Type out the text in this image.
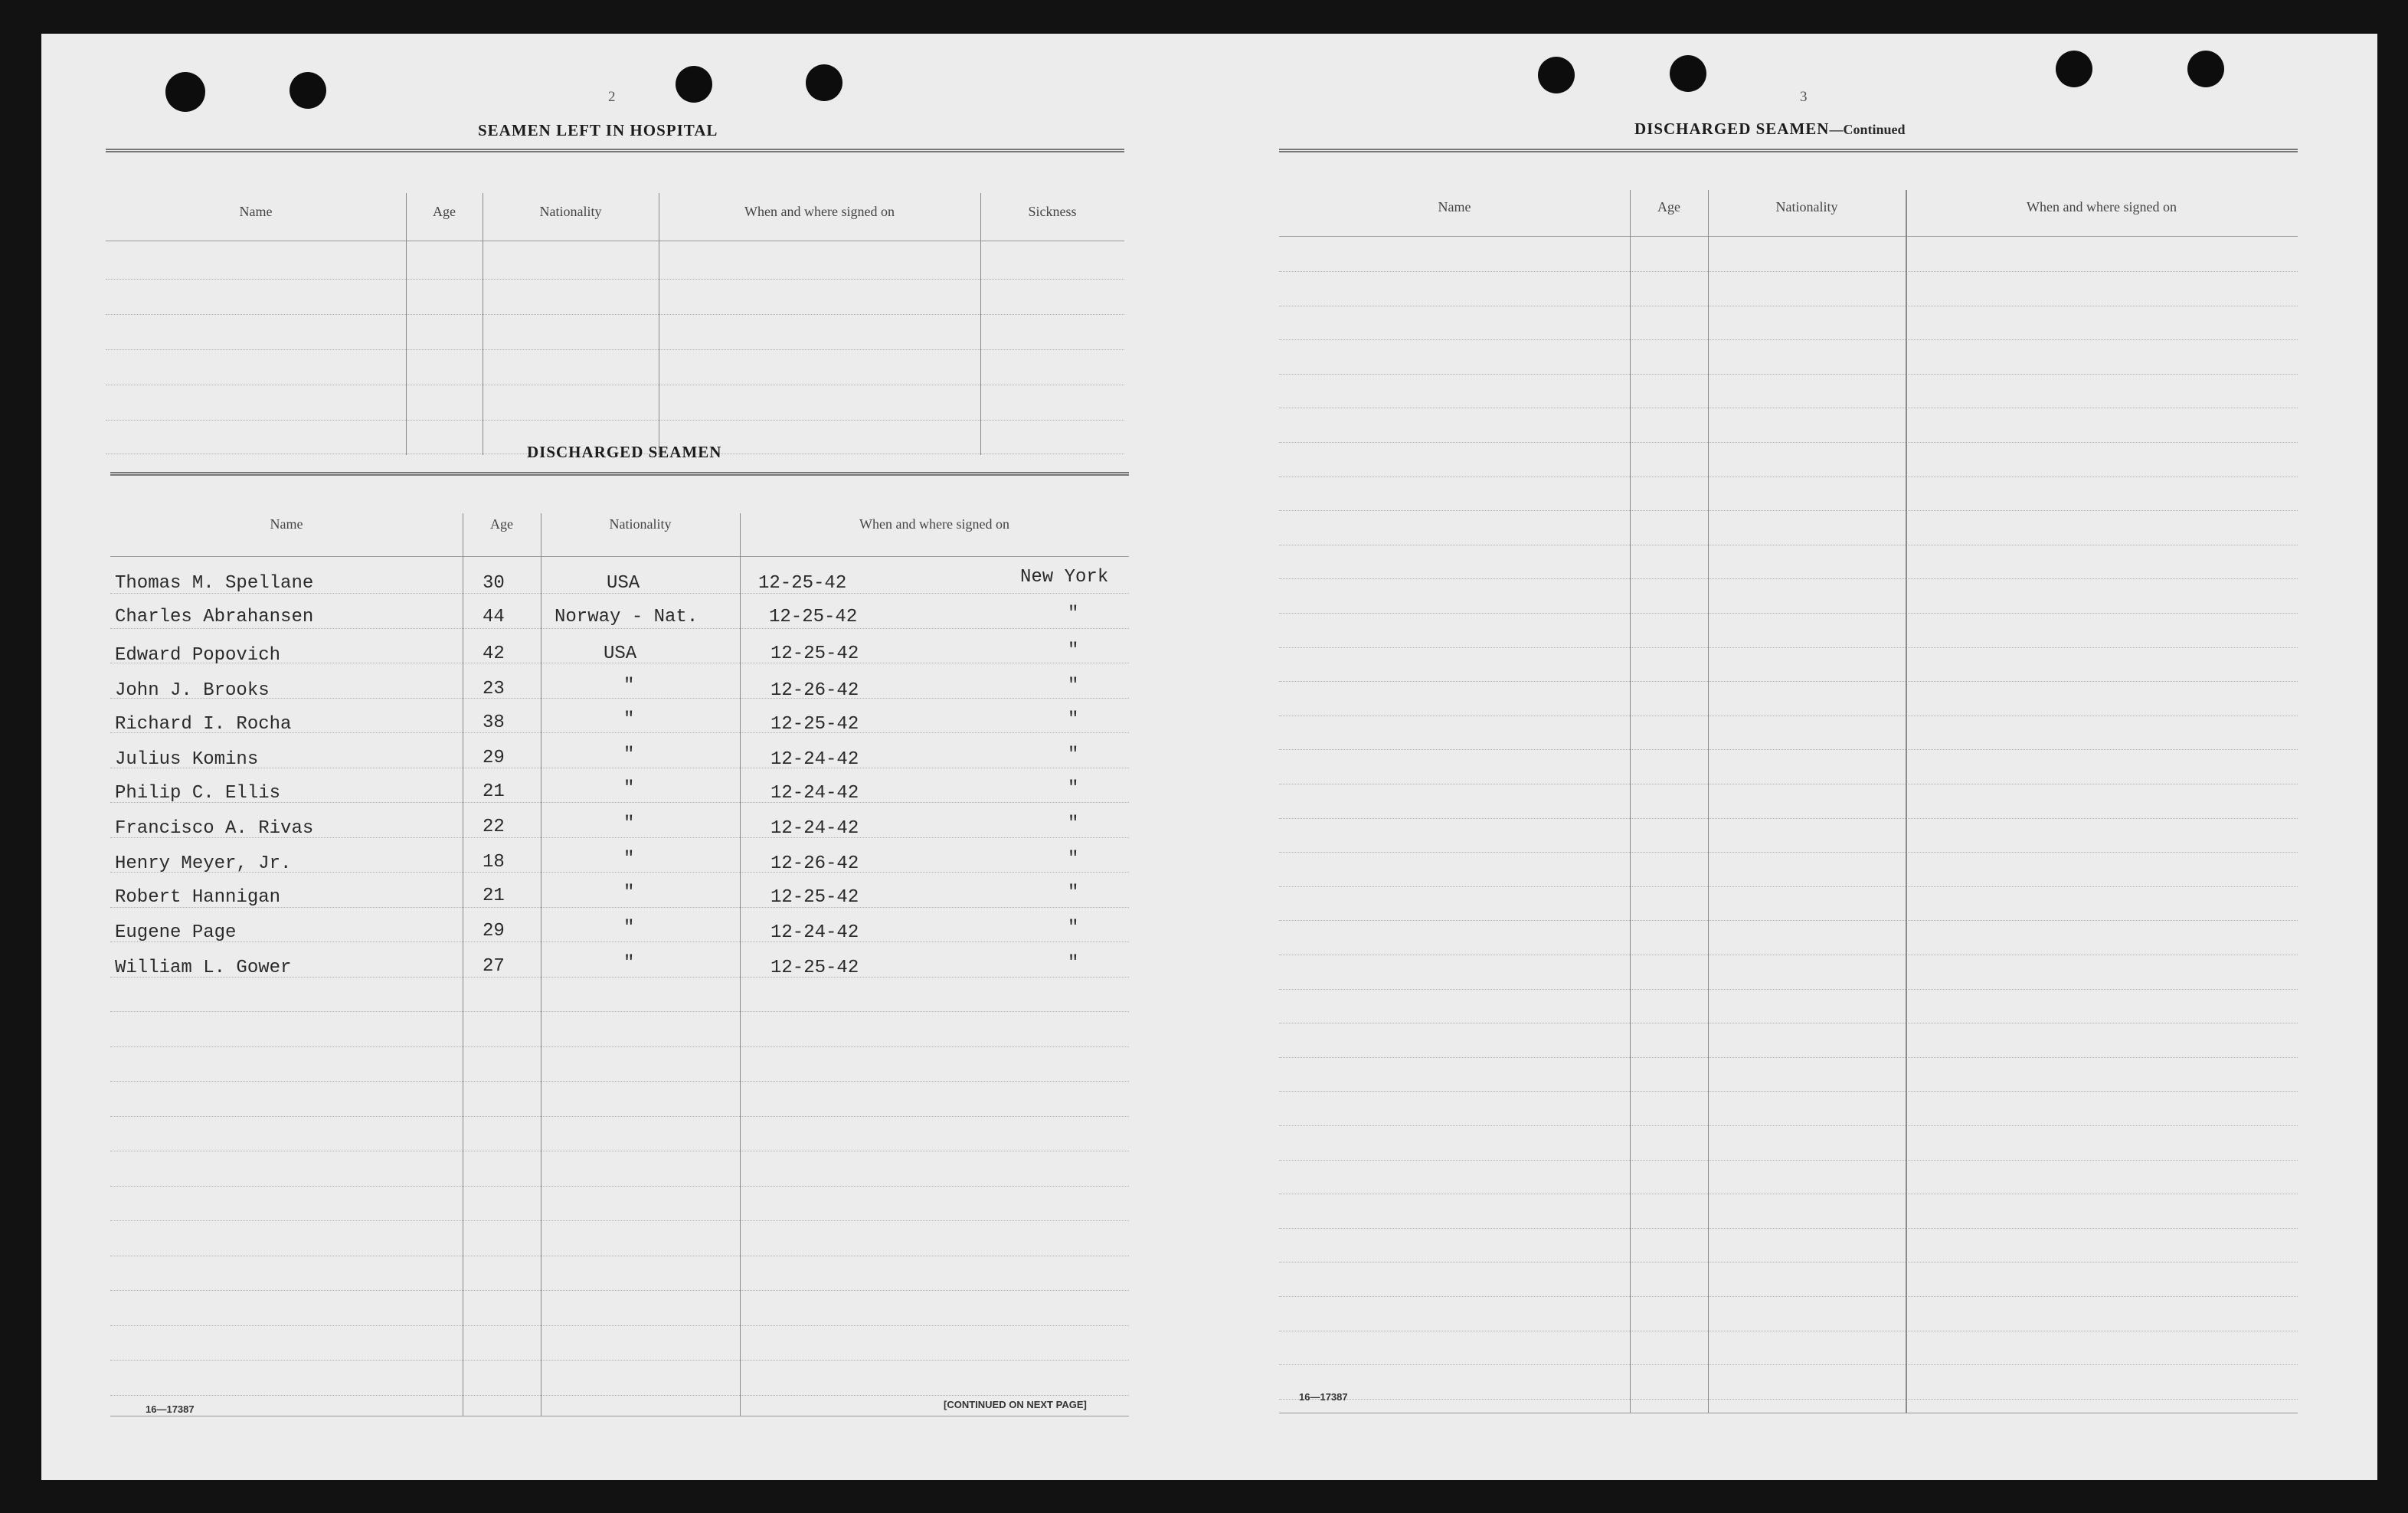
2
SEAMEN LEFT IN HOSPITAL
Name	Age	Nationality	When and where signed on	Sickness
DISCHARGED SEAMEN
Name	Age	Nationality	When and where signed on
Thomas M. Spellane	30	USA	12-25-42	New York
Charles Abrahansen	44	Norway - Nat.	12-25-42	"
Edward Popovich	42	USA	12-25-42	"
John J. Brooks	23	"	12-26-42	"
Richard I. Rocha	38	"	12-25-42	"
Julius Komins	29	"	12-24-42	"
Philip C. Ellis	21	"	12-24-42	"
Francisco A. Rivas	22	"	12-24-42	"
Henry Meyer, Jr.	18	"	12-26-42	"
Robert Hannigan	21	"	12-25-42	"
Eugene Page	29	"	12-24-42	"
William L. Gower	27	"	12-25-42	"
16—17387	[CONTINUED ON NEXT PAGE]
3
DISCHARGED SEAMEN—Continued
Name	Age	Nationality	When and where signed on
16—17387
